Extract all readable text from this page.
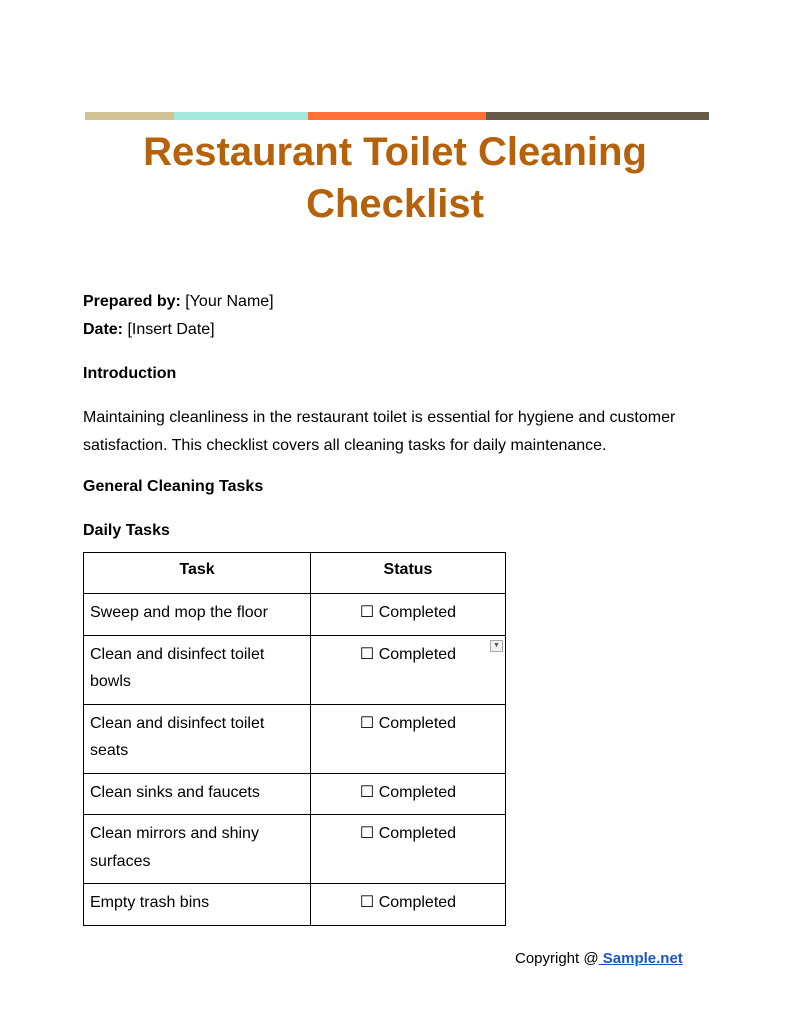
Restaurant Toilet Cleaning Checklist
Prepared by: [Your Name]
Date: [Insert Date]
Introduction

Maintaining cleanliness in the restaurant toilet is essential for hygiene and customer satisfaction. This checklist covers all cleaning tasks for daily maintenance.

General Cleaning Tasks
Daily Tasks
Task	Status
Sweep and mop the floor	☐ Completed
Clean and disinfect toilet bowls	☐ Completed
▼

Clean and disinfect toilet seats	☐ Completed
Clean sinks and faucets	☐ Completed
Clean mirrors and shiny surfaces	☐ Completed
Empty trash bins	☐ Completed
Copyright @ Sample.net
